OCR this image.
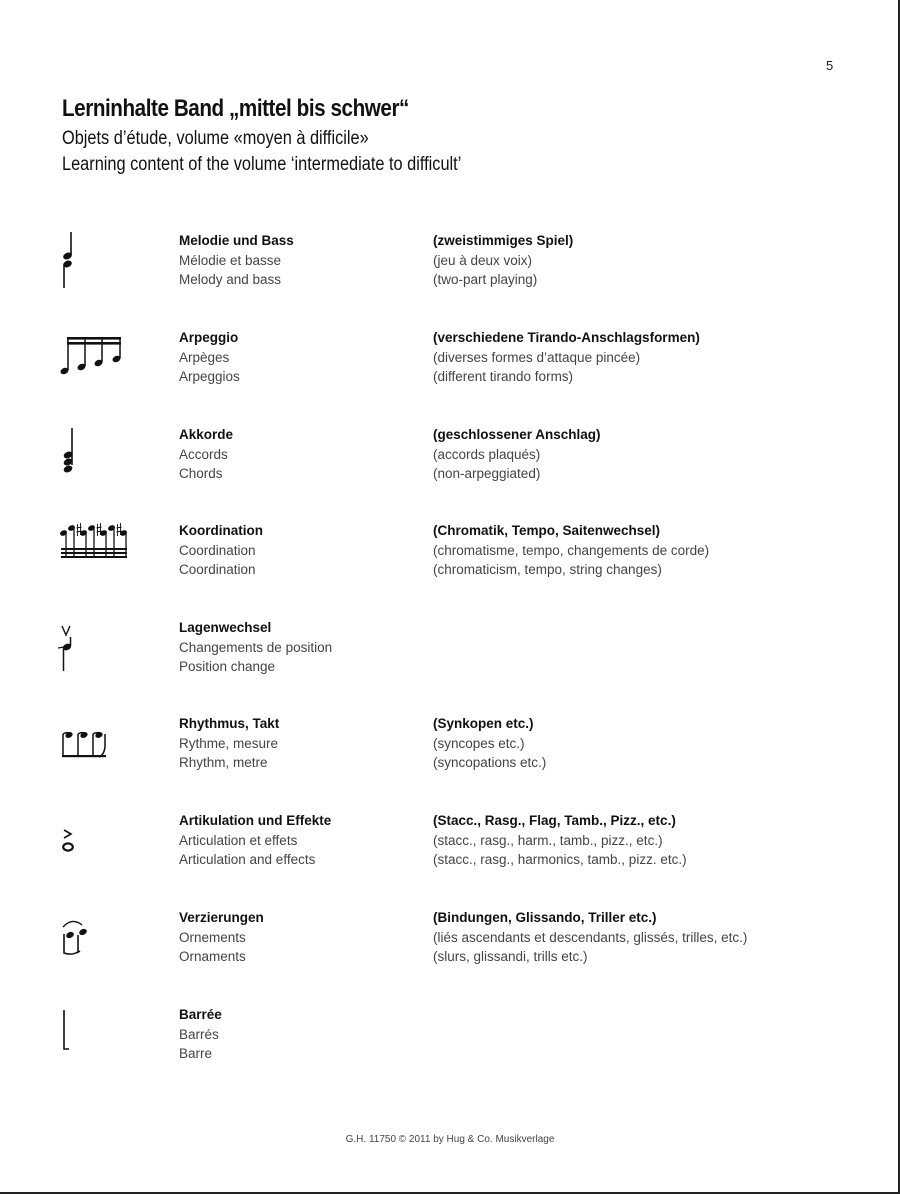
5
Lerninhalte Band „mittel bis schwer“
Objets d’étude, volume «moyen à difficile»
Learning content of the volume ‘intermediate to difficult’
Melodie und Bass
Mélodie et basse
Melody and bass
(zweistimmiges Spiel)
(jeu à deux voix)
(two-part playing)
Arpeggio
Arpèges
Arpeggios
(verschiedene Tirando-Anschlagsformen)
(diverses formes d’attaque pincée)
(different tirando forms)
Akkorde
Accords
Chords
(geschlossener Anschlag)
(accords plaqués)
(non-arpeggiated)
Koordination
Coordination
Coordination
(Chromatik, Tempo, Saitenwechsel)
(chromatisme, tempo, changements de corde)
(chromaticism, tempo, string changes)
Lagenwechsel
Changements de position
Position change
Rhythmus, Takt
Rythme, mesure
Rhythm, metre
(Synkopen etc.)
(syncopes etc.)
(syncopations etc.)
Artikulation und Effekte
Articulation et effets
Articulation and effects
(Stacc., Rasg., Flag, Tamb., Pizz., etc.)
(stacc., rasg., harm., tamb., pizz., etc.)
(stacc., rasg., harmonics, tamb., pizz. etc.)
Verzierungen
Ornements
Ornaments
(Bindungen, Glissando, Triller etc.)
(liés ascendants et descendants, glissés, trilles, etc.)
(slurs, glissandi, trills etc.)
Barrée
Barrés
Barre
G.H. 11750 © 2011 by Hug & Co. Musikverlage
